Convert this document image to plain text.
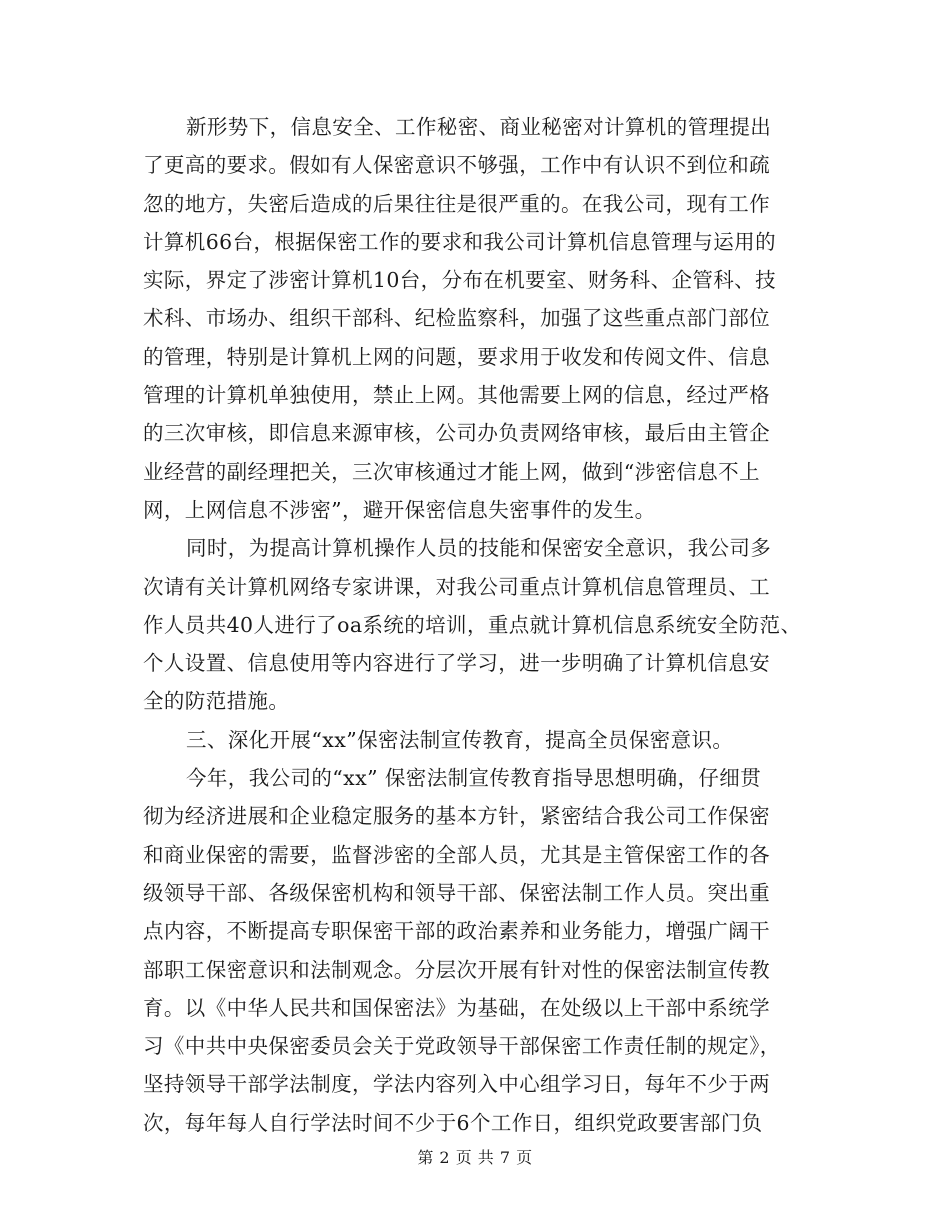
新形势下，信息安全、工作秘密、商业秘密对计算机的管理提出
了更高的要求。假如有人保密意识不够强，工作中有认识不到位和疏
忽的地方，失密后造成的后果往往是很严重的。在我公司，现有工作
计算机66台，根据保密工作的要求和我公司计算机信息管理与运用的
实际，界定了涉密计算机10台，分布在机要室、财务科、企管科、技
术科、市场办、组织干部科、纪检监察科，加强了这些重点部门部位
的管理，特别是计算机上网的问题，要求用于收发和传阅文件、信息
管理的计算机单独使用，禁止上网。其他需要上网的信息，经过严格
的三次审核，即信息来源审核，公司办负责网络审核，最后由主管企
业经营的副经理把关，三次审核通过才能上网，做到“涉密信息不上
网，上网信息不涉密”，避开保密信息失密事件的发生。
同时，为提高计算机操作人员的技能和保密安全意识，我公司多
次请有关计算机网络专家讲课，对我公司重点计算机信息管理员、工
作人员共40人进行了oa系统的培训，重点就计算机信息系统安全防范、
个人设置、信息使用等内容进行了学习，进一步明确了计算机信息安
全的防范措施。
三、深化开展“xx”保密法制宣传教育，提高全员保密意识。
今年，我公司的“xx” 保密法制宣传教育指导思想明确，仔细贯
彻为经济进展和企业稳定服务的基本方针，紧密结合我公司工作保密
和商业保密的需要，监督涉密的全部人员，尤其是主管保密工作的各
级领导干部、各级保密机构和领导干部、保密法制工作人员。突出重
点内容，不断提高专职保密干部的政治素养和业务能力，增强广阔干
部职工保密意识和法制观念。分层次开展有针对性的保密法制宣传教
育。以《中华人民共和国保密法》为基础，在处级以上干部中系统学
习《中共中央保密委员会关于党政领导干部保密工作责任制的规定》，
坚持领导干部学法制度，学法内容列入中心组学习日，每年不少于两
次，每年每人自行学法时间不少于6个工作日，组织党政要害部门负
第 2 页 共 7 页
